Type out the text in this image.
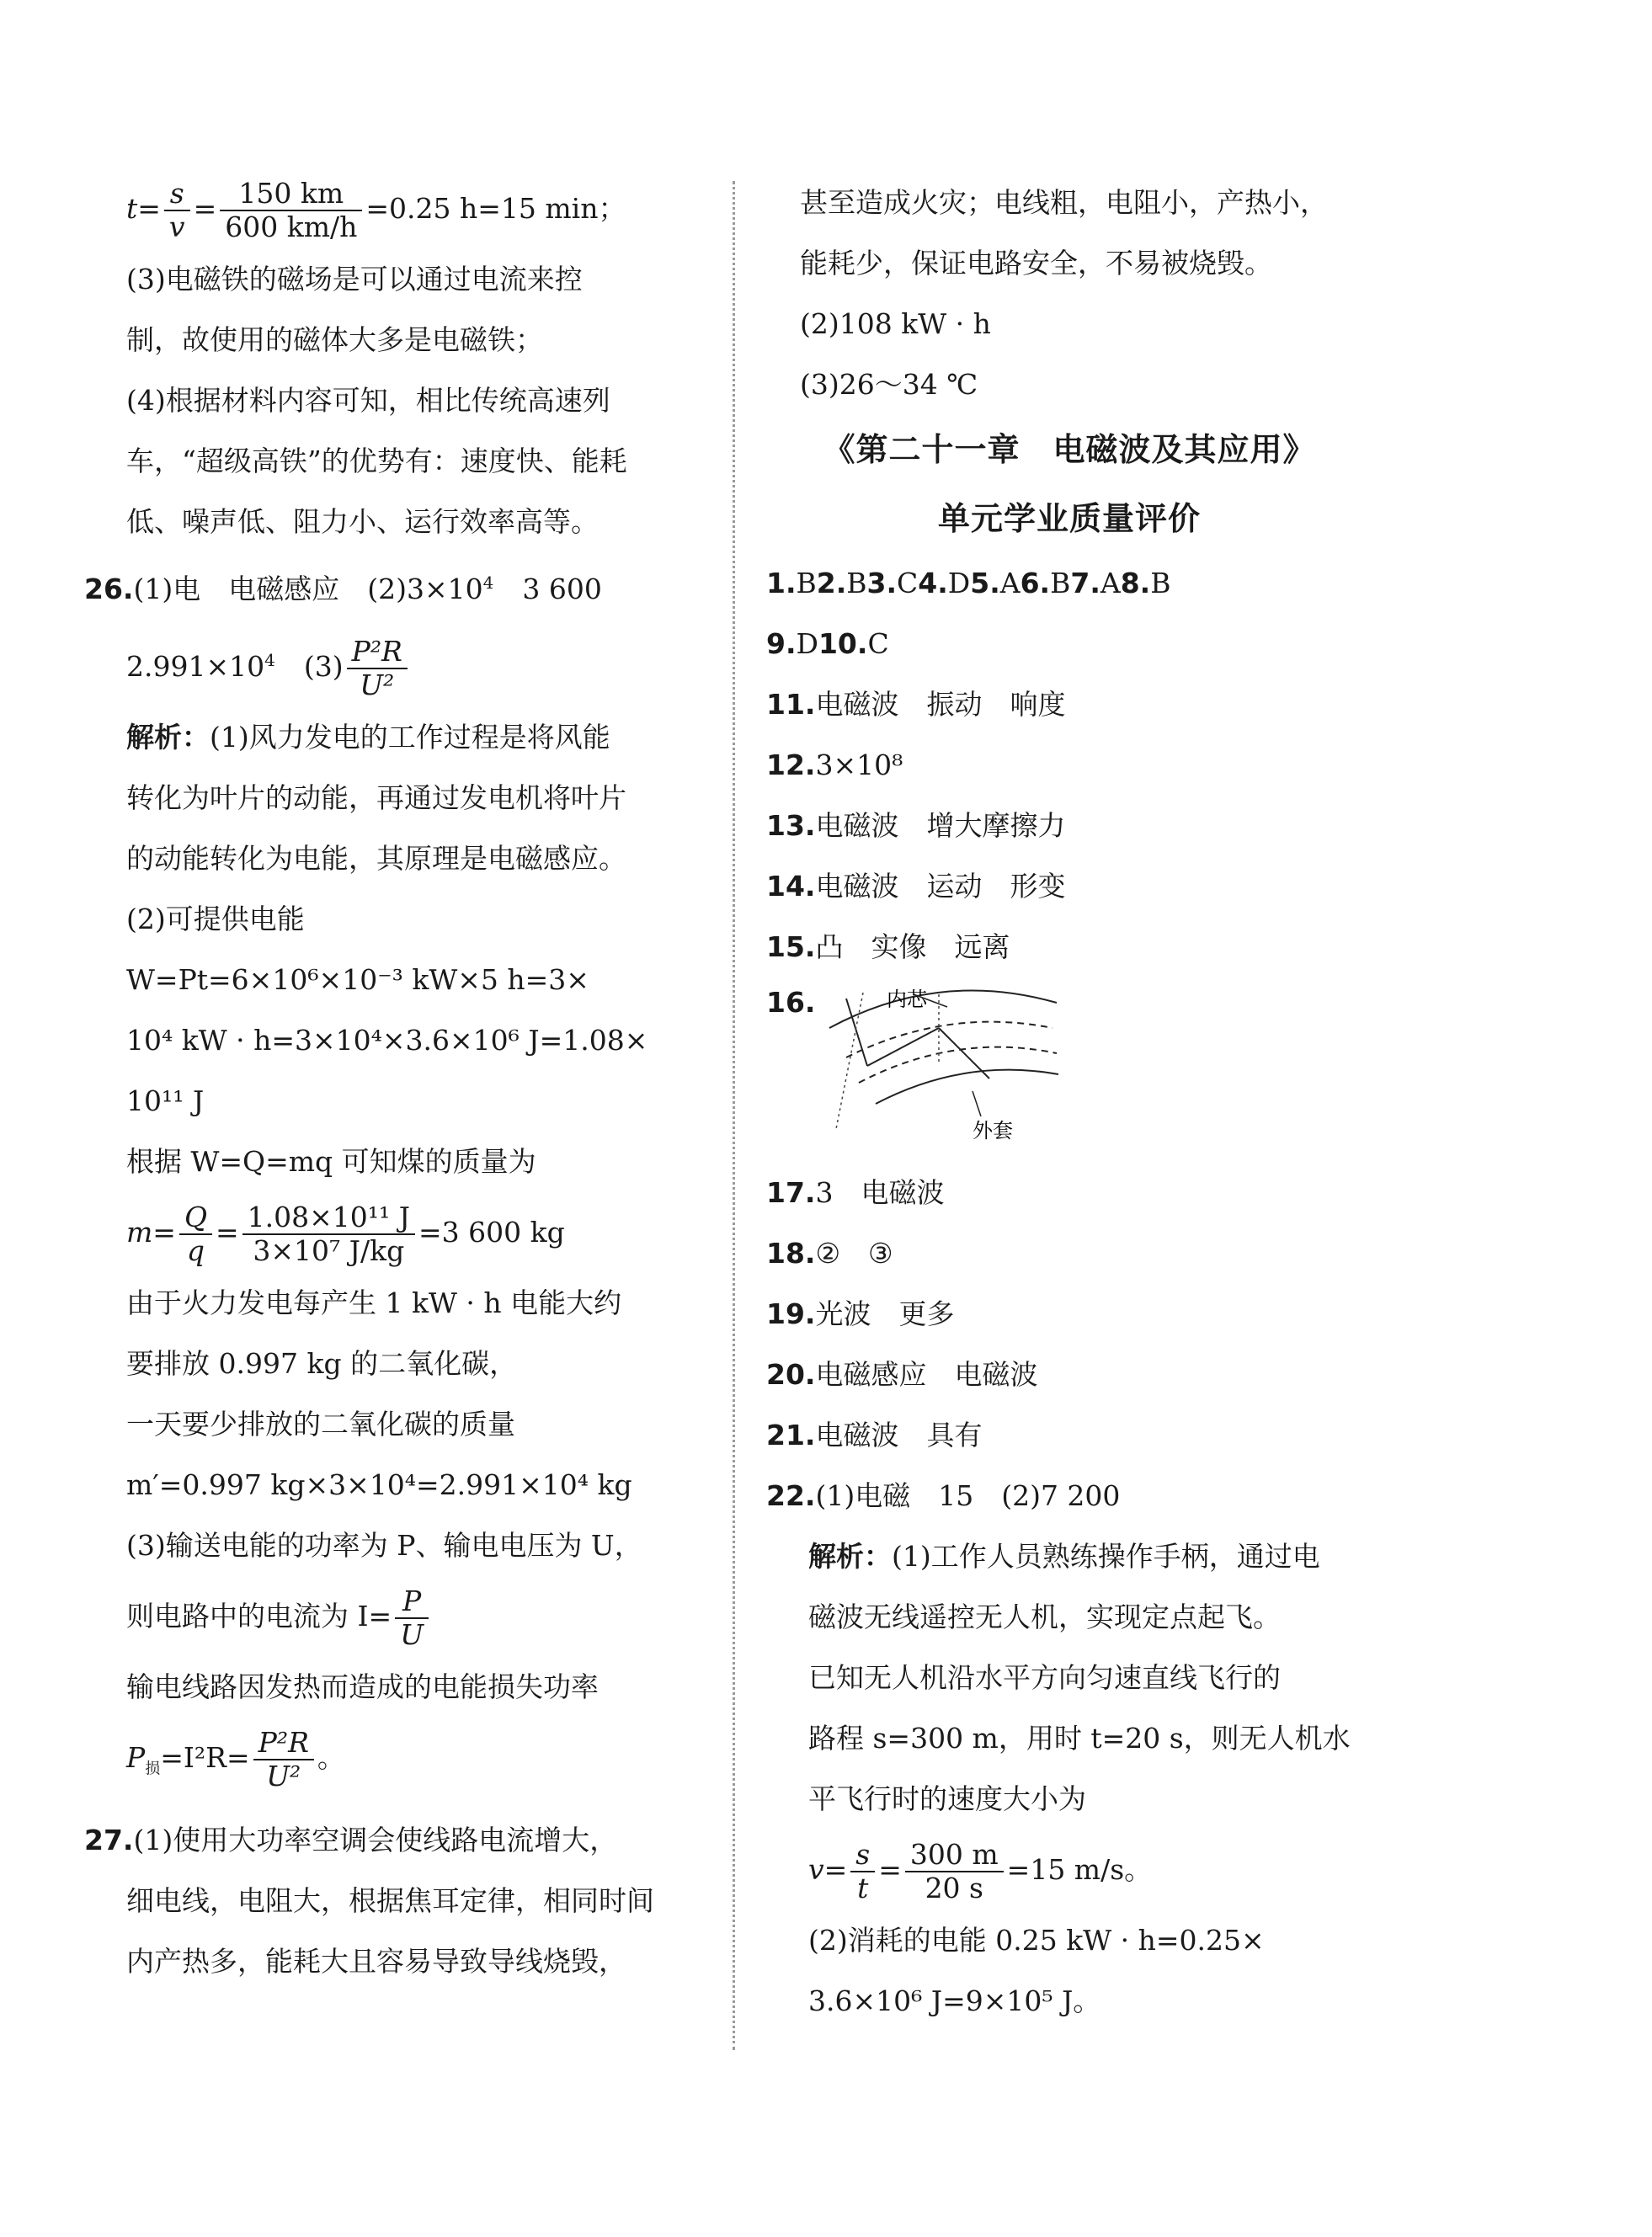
$t= \frac{s}{v} = \frac{150 km}{600 km/h} =0.25$ h=15 min；
(3)电磁铁的磁场是可以通过电流来控
制，故使用的磁体大多是电磁铁；
(4)根据材料内容可知，相比传统高速列
车，“超级高铁”的优势有：速度快、能耗
低、噪声低、阻力小、运行效率高等。
26.(1)电　电磁感应　$(2)3\times 10^4$ 3 600
$2.991\times 10^4$ $(3) \frac{\text{P²R}}{\text{U²}}$
解析：(1)风力发电的工作过程是将风能
转化为叶片的动能，再通过发电机将叶片
的动能转化为电能，其原理是电磁感应。
(2)可提供电能
W=Pt=6×10⁶×10⁻³ kW×5 h=3×
10⁴ kW · h=3×10⁴×3.6×10⁶ J=1.08×
10¹¹ J
根据 W=Q=mq 可知煤的质量为
$m= \frac{Q}{q} = \frac{\text{1.08×10¹¹ J}}{\text{3×10⁷ J/kg}} =3$ 600 kg
由于火力发电每产生 1 kW · h 电能大约
要排放 0.997 kg 的二氧化碳，
一天要少排放的二氧化碳的质量
m′=0.997 kg×3×10⁴=2.991×10⁴ kg
(3)输送电能的功率为 P、输电电压为 U，
则电路中的电流为 $I= \frac{P}{U}$
输电线路因发热而造成的电能损失功率
$P_损=I^2R= \frac{\text{P²R}}{\text{U²}}$ 。
27.(1)使用大功率空调会使线路电流增大，
细电线，电阻大，根据焦耳定律，相同时间
内产热多，能耗大且容易导致导线烧毁，
甚至造成火灾；电线粗，电阻小，产热小，
能耗少，保证电路安全，不易被烧毁。
(2)108 kW · h
(3)26～34 ℃
《第二十一章　电磁波及其应用》
单元学业质量评价
1.B2.B3.C4.D5.A6.B7.A8.B
9.D10.C
11.电磁波　振动　响度
12.3×10⁸
13.电磁波　增大摩擦力
14.电磁波　运动　形变
15.凸　实像　远离
16.	内芯
外套
17.3　电磁波
18.②　③
19.光波　更多
20.电磁感应　电磁波
21.电磁波　具有
22.(1)电磁　15　(2)7 200
解析：(1)工作人员熟练操作手柄，通过电
磁波无线遥控无人机，实现定点起飞。
已知无人机沿水平方向匀速直线飞行的
路程 s=300 m，用时 t=20 s，则无人机水
平飞行时的速度大小为
$v= \frac{s}{t} = \frac{300 m}{20 s} =15$ m/s。
(2)消耗的电能 0.25 kW · h=0.25×
3.6×10⁶ J=9×10⁵ J。
